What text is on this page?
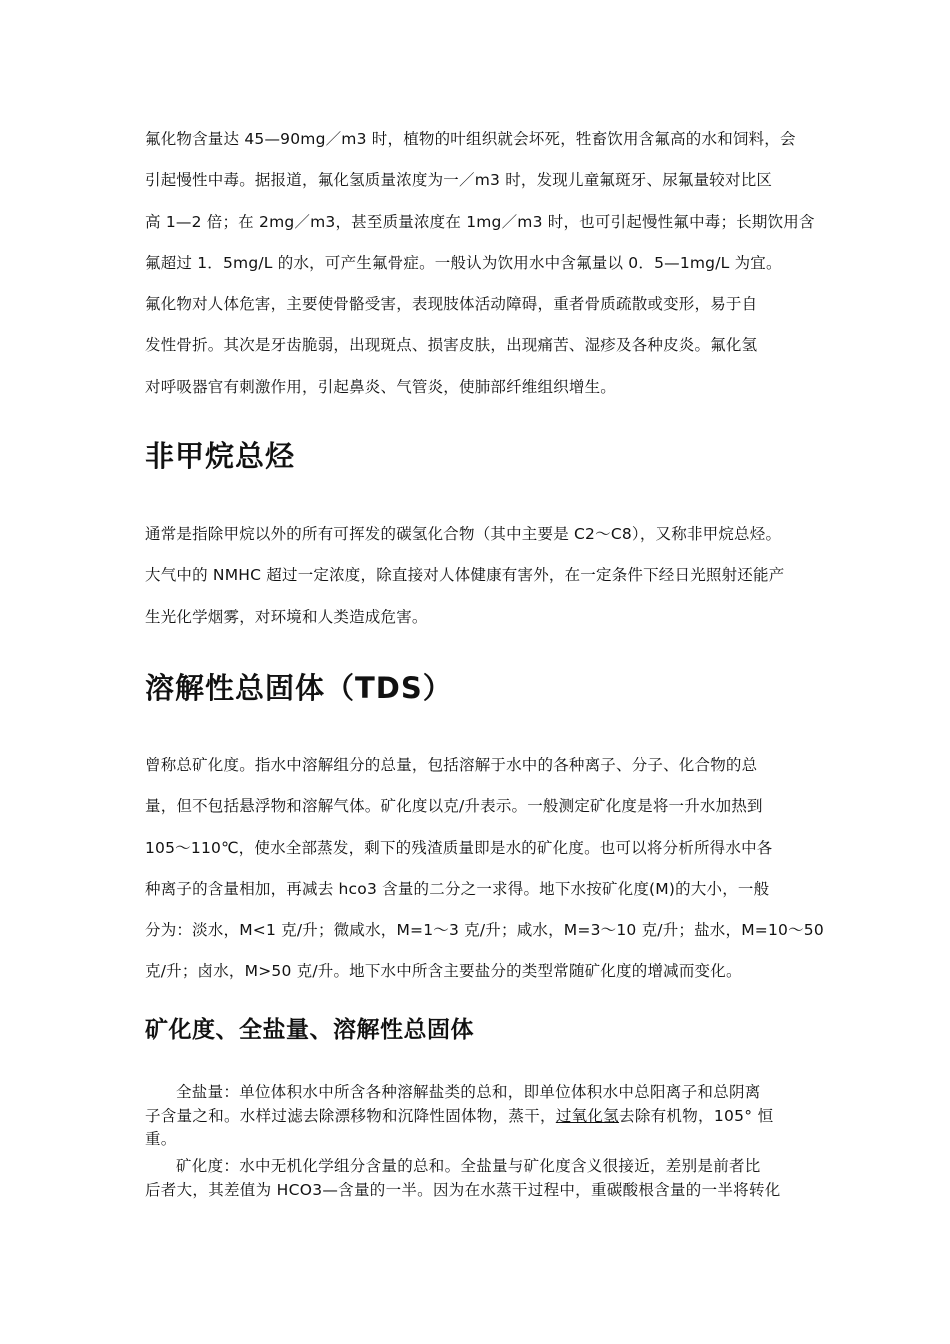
氟化物含量达 45—90mg／m3 时，植物的叶组织就会坏死，牲畜饮用含氟高的水和饲料，会
引起慢性中毒。据报道，氟化氢质量浓度为一／m3 时，发现儿童氟斑牙、尿氟量较对比区
高 1—2 倍；在 2mg／m3，甚至质量浓度在 1mg／m3 时，也可引起慢性氟中毒；长期饮用含
氟超过 1．5mg/L 的水，可产生氟骨症。一般认为饮用水中含氟量以 0．5—1mg/L 为宜。
氟化物对人体危害，主要使骨骼受害，表现肢体活动障碍，重者骨质疏散或变形，易于自
发性骨折。其次是牙齿脆弱，出现斑点、损害皮肤，出现痛苦、湿疹及各种皮炎。氟化氢
对呼吸器官有刺激作用，引起鼻炎、气管炎，使肺部纤维组织增生。
非甲烷总烃
通常是指除甲烷以外的所有可挥发的碳氢化合物（其中主要是 C2～C8），又称非甲烷总烃。
大气中的 NMHC 超过一定浓度，除直接对人体健康有害外，在一定条件下经日光照射还能产
生光化学烟雾，对环境和人类造成危害。
溶解性总固体（TDS）
曾称总矿化度。指水中溶解组分的总量，包括溶解于水中的各种离子、分子、化合物的总
量，但不包括悬浮物和溶解气体。矿化度以克/升表示。一般测定矿化度是将一升水加热到
105～110℃，使水全部蒸发，剩下的残渣质量即是水的矿化度。也可以将分析所得水中各
种离子的含量相加，再减去 hco3 含量的二分之一求得。地下水按矿化度(M)的大小，一般
分为：淡水，M<1 克/升；微咸水，M=1～3 克/升；咸水，M=3～10 克/升；盐水，M=10～50
克/升；卤水，M>50 克/升。地下水中所含主要盐分的类型常随矿化度的增减而变化。
矿化度、全盐量、溶解性总固体
全盐量：单位体积水中所含各种溶解盐类的总和，即单位体积水中总阳离子和总阴离
子含量之和。水样过滤去除漂移物和沉降性固体物，蒸干，过氧化氢去除有机物，105° 恒
重。
矿化度：水中无机化学组分含量的总和。全盐量与矿化度含义很接近，差别是前者比
后者大，其差值为 HCO3—含量的一半。因为在水蒸干过程中，重碳酸根含量的一半将转化
